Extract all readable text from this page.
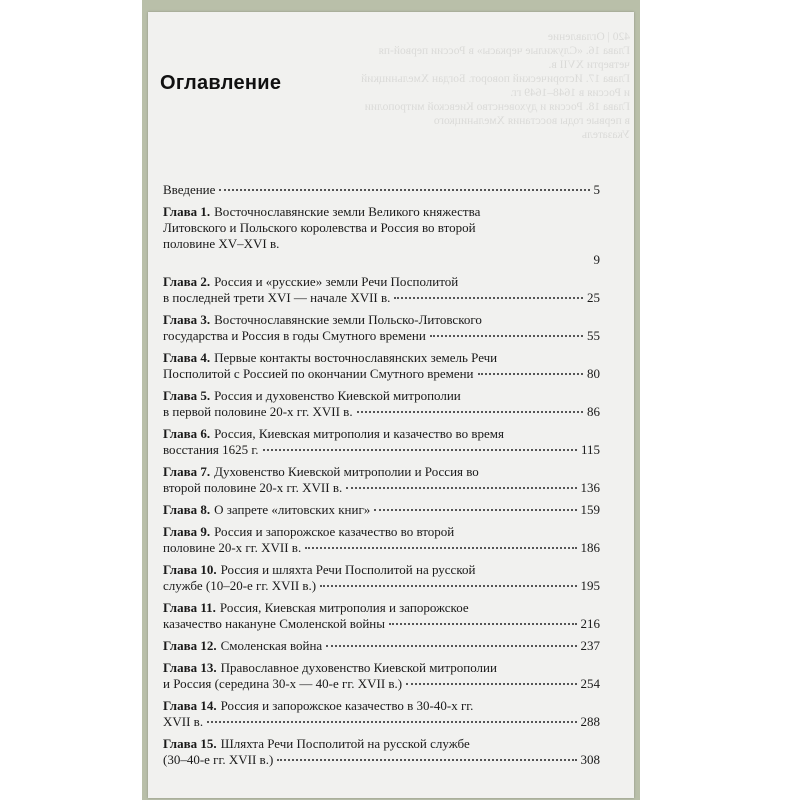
420 | Оглавление
Глава 16. «Служилые черкасы» в России первой-пя
четверти XVII в.
Глава 17. Исторический поворот. Богдан Хмельницкий
и Россия в 1648–1649 гг.
Глава 18. Россия и духовенство Киевской митрополии
в первые годы восстания Хмельницкого
Указатель
Оглавление
Введение	5
Глава 1. Восточнославянские земли Великого княжества
Литовского и Польского королевства и Россия во второй
половине XV–XVI в.
9
Глава 2. Россия и «русские» земли Речи Посполитой
в последней трети XVI — начале XVII в.	25
Глава 3. Восточнославянские земли Польско-Литовского
государства и Россия в годы Смутного времени	55
Глава 4. Первые контакты восточнославянских земель Речи
Посполитой с Россией по окончании Смутного времени	80
Глава 5. Россия и духовенство Киевской митрополии
в первой половине 20-х гг. XVII в.	86
Глава 6. Россия, Киевская митрополия и казачество во время
восстания 1625 г.	115
Глава 7. Духовенство Киевской митрополии и Россия во
второй половине 20-х гг. XVII в.	136
Глава 8. О запрете «литовских книг»	159
Глава 9. Россия и запорожское казачество во второй
половине 20-х гг. XVII в.	186
Глава 10. Россия и шляхта Речи Посполитой на русской
службе (10–20-е гг. XVII в.)	195
Глава 11. Россия, Киевская митрополия и запорожское
казачество накануне Смоленской войны	216
Глава 12. Смоленская война	237
Глава 13. Православное духовенство Киевской митрополии
и Россия (середина 30-х — 40-е гг. XVII в.)	254
Глава 14. Россия и запорожское казачество в 30-40-х гг.
XVII в.	288
Глава 15. Шляхта Речи Посполитой на русской службе
(30–40-е гг. XVII в.)	308
